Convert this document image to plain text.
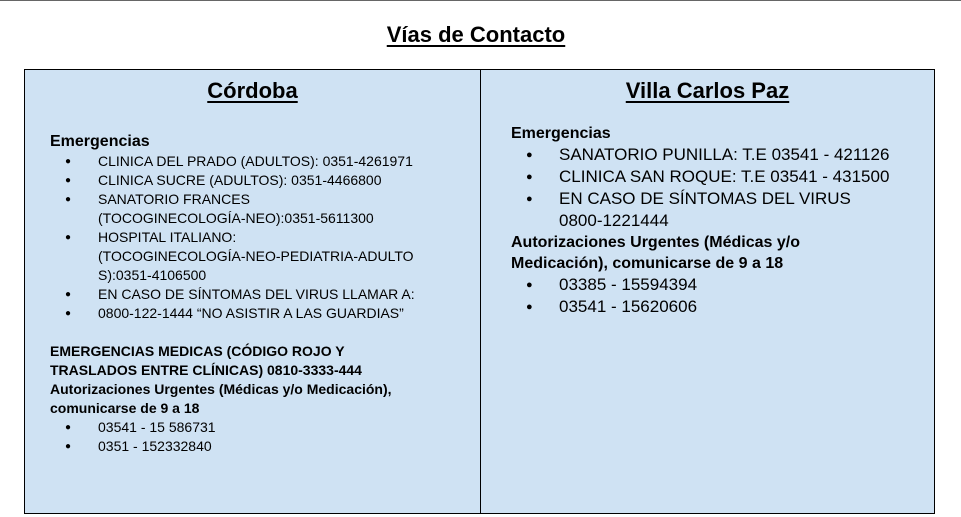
Vías de Contacto
Córdoba
Emergencias
● CLINICA DEL PRADO (ADULTOS): 0351-4261971
● CLINICA SUCRE (ADULTOS): 0351-4466800
● SANATORIO FRANCES
(TOCOGINECOLOGÍA-NEO):0351-5611300
● HOSPITAL ITALIANO:
(TOCOGINECOLOGÍA-NEO-PEDIATRIA-ADULTO
S):0351-4106500
● EN CASO DE SÍNTOMAS DEL VIRUS LLAMAR A:
● 0800-122-1444 “NO ASISTIR A LAS GUARDIAS”
EMERGENCIAS MEDICAS (CÓDIGO ROJO Y
TRASLADOS ENTRE CLÍNICAS) 0810-3333-444
Autorizaciones Urgentes (Médicas y/o Medicación),
comunicarse de 9 a 18
● 03541 - 15 586731
● 0351 - 152332840
Villa Carlos Paz
Emergencias
● SANATORIO PUNILLA: T.E 03541 - 421126
● CLINICA SAN ROQUE: T.E 03541 - 431500
● EN CASO DE SÍNTOMAS DEL VIRUS
0800-1221444
Autorizaciones Urgentes (Médicas y/o
Medicación), comunicarse de 9 a 18
● 03385 - 15594394
● 03541 - 15620606
